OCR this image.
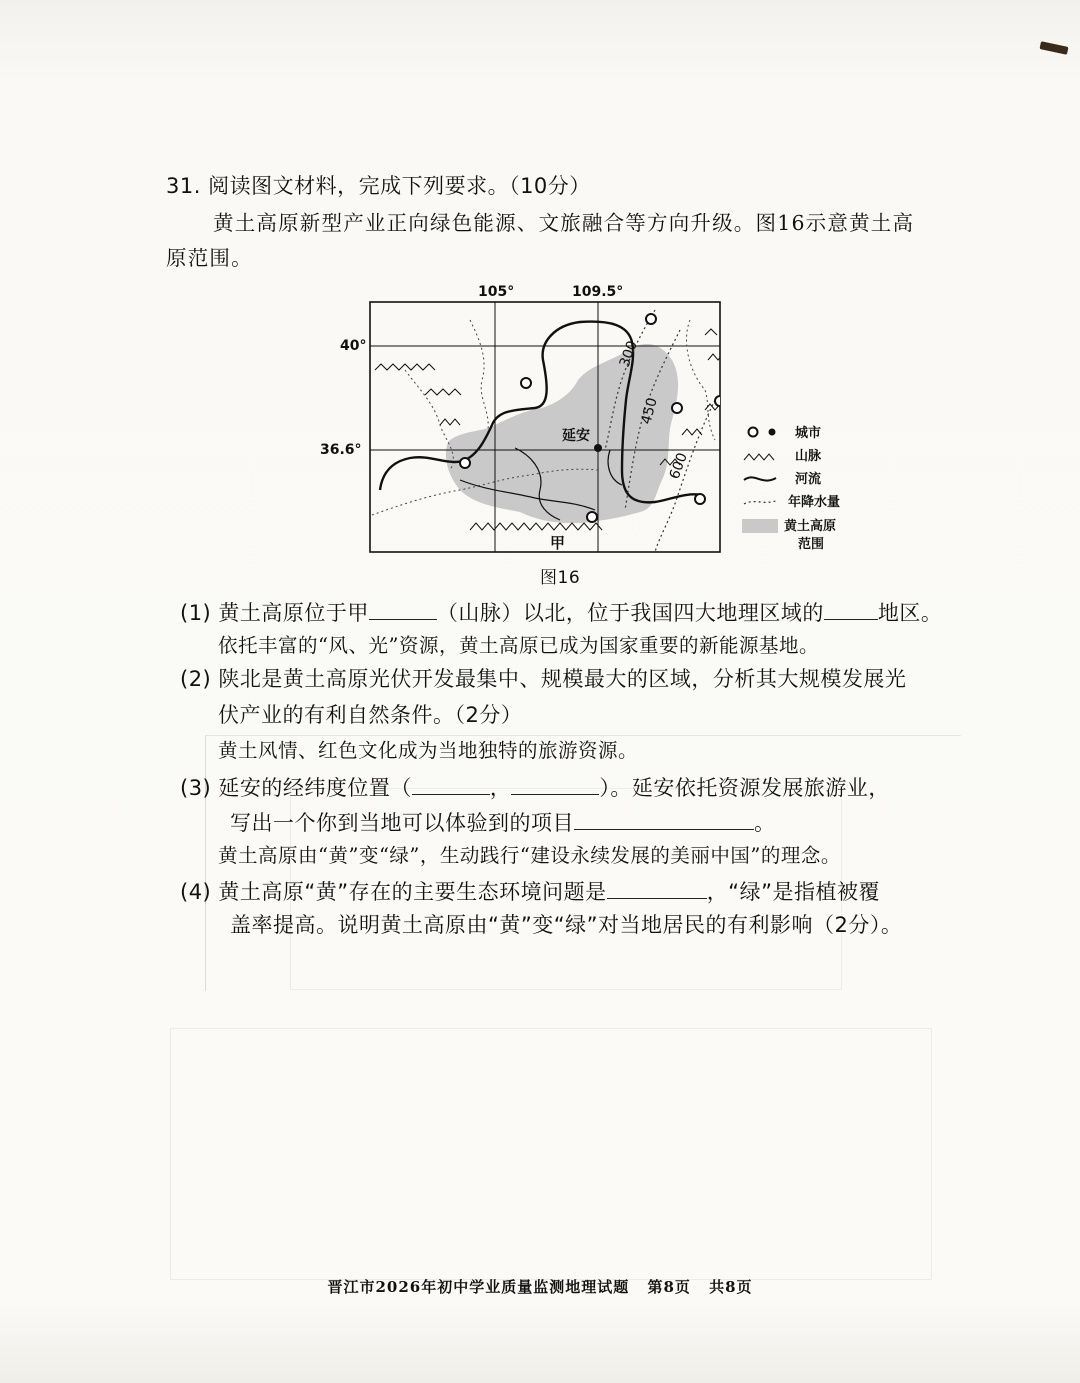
31. 阅读图文材料，完成下列要求。（10分）
黄土高原新型产业正向绿色能源、文旅融合等方向升级。图16示意黄土高
原范围。
105°	109.5°
40°
36.6°
延安
甲
300
450
600
城市
山脉
河流
年降水量
黄土高原
范围
图16
(1) 黄土高原位于甲	（山脉）以北，位于我国四大地理区域的	地区。
依托丰富的“风、光”资源，黄土高原已成为国家重要的新能源基地。
(2) 陕北是黄土高原光伏开发最集中、规模最大的区域，分析其大规模发展光
伏产业的有利自然条件。（2分）
黄土风情、红色文化成为当地独特的旅游资源。
(3) 延安的经纬度位置（	，	）。延安依托资源发展旅游业，
写出一个你到当地可以体验到的项目	。
黄土高原由“黄”变“绿”，生动践行“建设永续发展的美丽中国”的理念。
(4) 黄土高原“黄”存在的主要生态环境问题是	，“绿”是指植被覆
盖率提高。说明黄土高原由“黄”变“绿”对当地居民的有利影响（2分）。
晋江市2026年初中学业质量监测地理试题 第8页 共8页
